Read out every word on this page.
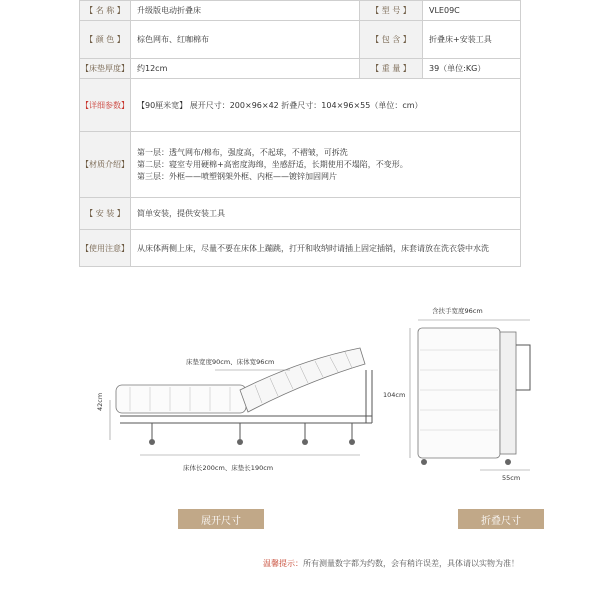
【 名 称 】	升级版电动折叠床	【 型 号 】	VLE09C
【 颜 色 】	棕色网布、红咖棉布	【 包 含 】	折叠床+安装工具
【床垫厚度】	约12cm	【 重 量 】	39（单位:KG）
【详细参数】	【90厘米宽】 展开尺寸：200×96×42 折叠尺寸：104×96×55（单位：cm）		
【材质介绍】	第一层：透气网布/棉布，强度高，不起球，不褶皱，可拆洗
第二层：寝室专用硬棉+高密度海绵，坐感舒适，长期使用不塌陷，不变形。
第三层：外框——喷塑钢架外框、内框——镀锌加固网片		

【 安 装 】	简单安装，提供安装工具		
【使用注意】	从床体两侧上床，尽量不要在床体上蹦跳，打开和收纳时请插上固定插销，床套请放在洗衣袋中水洗		
床垫宽度90cm、床体宽96cm
42cm
床体长200cm、床垫长190cm
含扶手宽度96cm
104cm
55cm
展开尺寸	折叠尺寸
温馨提示：所有测量数字都为约数，会有稍许误差，具体请以实物为准！
